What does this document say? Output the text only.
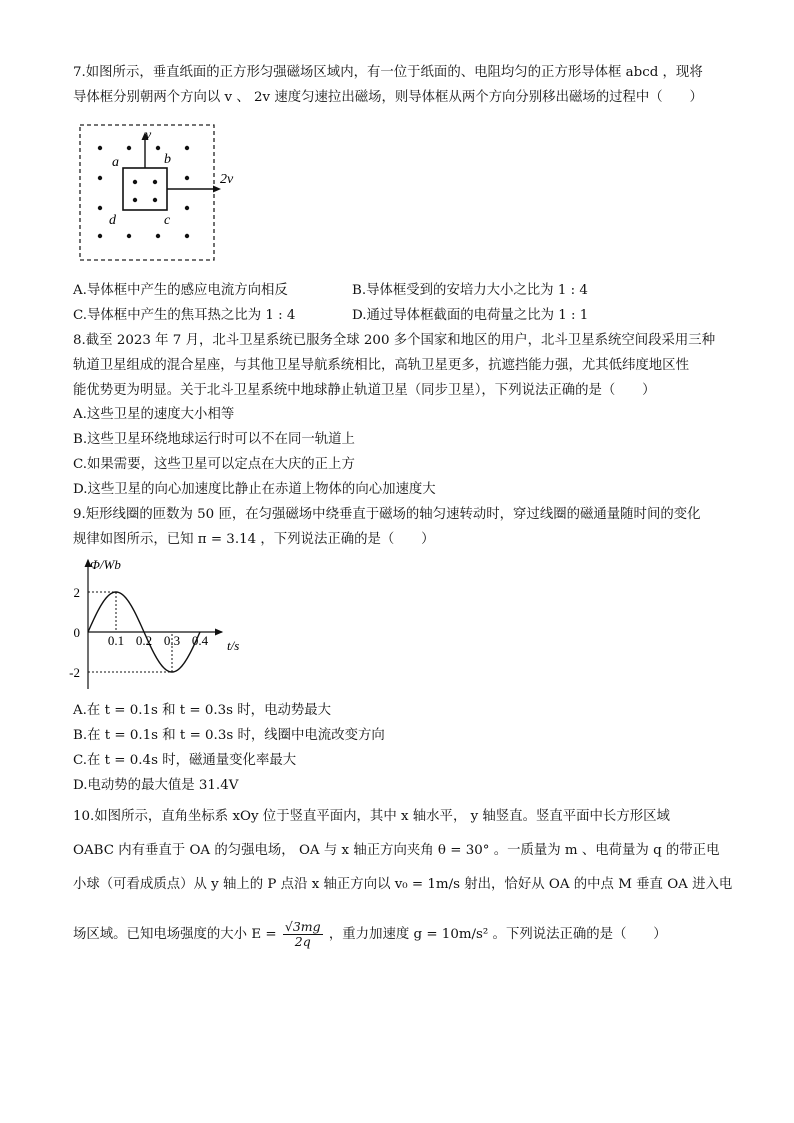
7.如图所示，垂直纸面的正方形匀强磁场区域内，有一位于纸面的、电阻均匀的正方形导体框 abcd ，现将
导体框分别朝两个方向以 v 、 2v 速度匀速拉出磁场，则导体框从两个方向分别移出磁场的过程中（　　）
v
2v
a	b
c
d
A.导体框中产生的感应电流方向相反	B.导体框受到的安培力大小之比为 1 : 4
C.导体框中产生的焦耳热之比为 1 : 4	D.通过导体框截面的电荷量之比为 1 : 1
8.截至 2023 年 7 月，北斗卫星系统已服务全球 200 多个国家和地区的用户，北斗卫星系统空间段采用三种
轨道卫星组成的混合星座，与其他卫星导航系统相比，高轨卫星更多，抗遮挡能力强，尤其低纬度地区性
能优势更为明显。关于北斗卫星系统中地球静止轨道卫星（同步卫星），下列说法正确的是（　　）
A.这些卫星的速度大小相等
B.这些卫星环绕地球运行时可以不在同一轨道上
C.如果需要，这些卫星可以定点在大庆的正上方
D.这些卫星的向心加速度比静止在赤道上物体的向心加速度大
9.矩形线圈的匝数为 50 匝，在匀强磁场中绕垂直于磁场的轴匀速转动时，穿过线圈的磁通量随时间的变化
规律如图所示，已知 π = 3.14 ，下列说法正确的是（　　）
Φ/Wb
t/s
2
0
-2
0.1 0.2 0.3 0.4
A.在 t = 0.1s 和 t = 0.3s 时，电动势最大
B.在 t = 0.1s 和 t = 0.3s 时，线圈中电流改变方向
C.在 t = 0.4s 时，磁通量变化率最大
D.电动势的最大值是 31.4V
10.如图所示，直角坐标系 xOy 位于竖直平面内，其中 x 轴水平， y 轴竖直。竖直平面中长方形区域
OABC 内有垂直于 OA 的匀强电场， OA 与 x 轴正方向夹角 θ = 30° 。一质量为 m 、电荷量为 q 的带正电
小球（可看成质点）从 y 轴上的 P 点沿 x 轴正方向以 v₀ = 1m/s 射出，恰好从 OA 的中点 M 垂直 OA 进入电
场区域。已知电场强度的大小 $E = \frac{√3mg}{2q}$ ，重力加速度 g = 10m/s² 。下列说法正确的是（　　）
